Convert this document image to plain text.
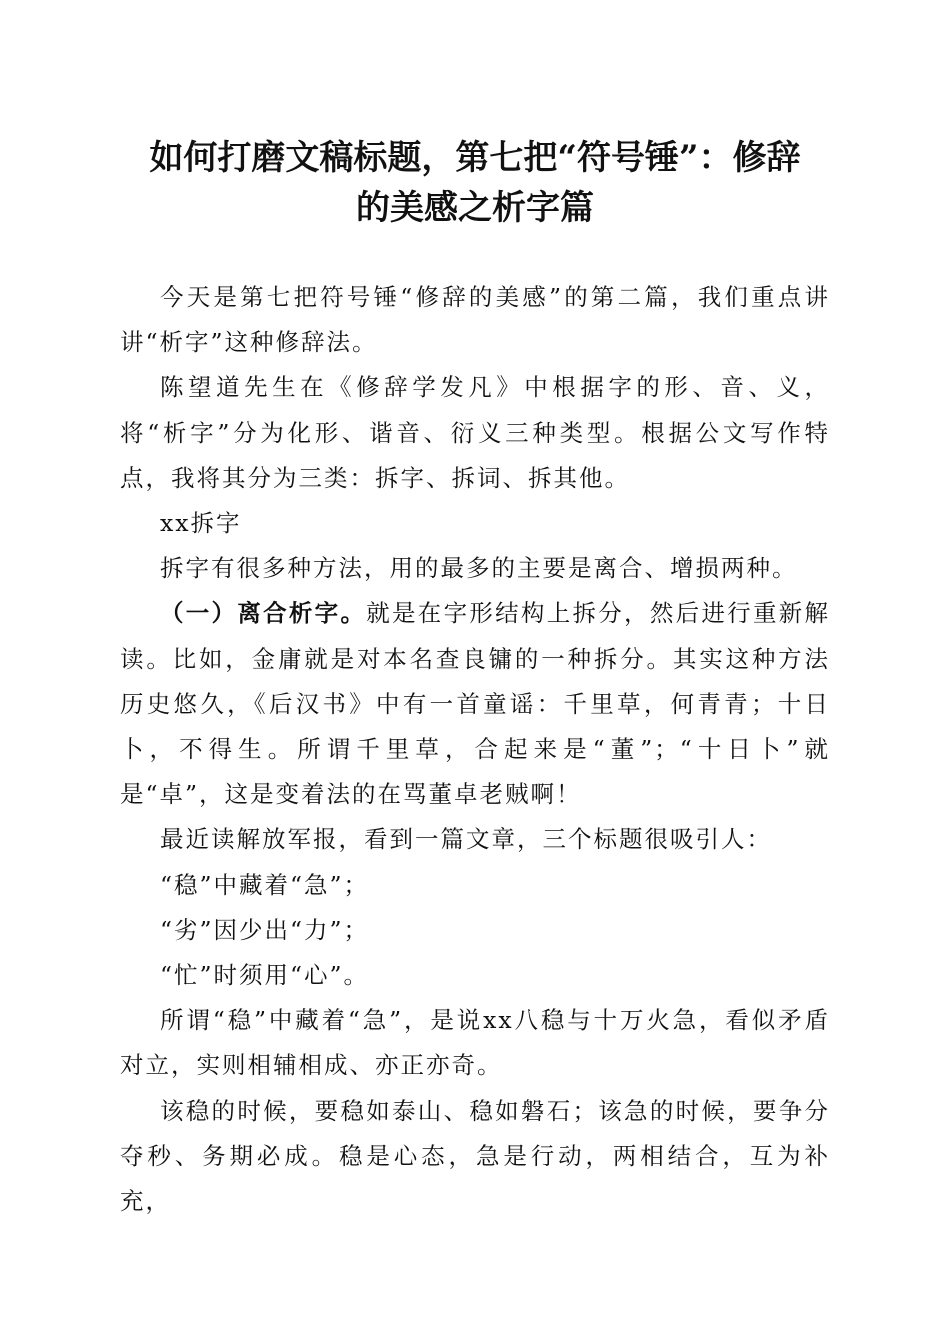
如何打磨文稿标题，第七把“符号锤”：修辞
的美感之析字篇

今天是第七把符号锤“修辞的美感”的第二篇，我们重点讲讲“析字”这种修辞法。

陈望道先生在《修辞学发凡》中根据字的形、音、义，将“析字”分为化形、谐音、衍义三种类型。根据公文写作特点，我将其分为三类：拆字、拆词、拆其他。

xx拆字

拆字有很多种方法，用的最多的主要是离合、增损两种。

（一）离合析字。就是在字形结构上拆分，然后进行重新解读。比如，金庸就是对本名查良镛的一种拆分。其实这种方法历史悠久，《后汉书》中有一首童谣：千里草，何青青；十日卜，不得生。所谓千里草，合起来是“董”；“十日卜”就是“卓”，这是变着法的在骂董卓老贼啊！

最近读解放军报，看到一篇文章，三个标题很吸引人：

“稳”中藏着“急”；

“劣”因少出“力”；

“忙”时须用“心”。

所谓“稳”中藏着“急”，是说xx八稳与十万火急，看似矛盾对立，实则相辅相成、亦正亦奇。

该稳的时候，要稳如泰山、稳如磐石；该急的时候，要争分夺秒、务期必成。稳是心态，急是行动，两相结合，互为补充，
